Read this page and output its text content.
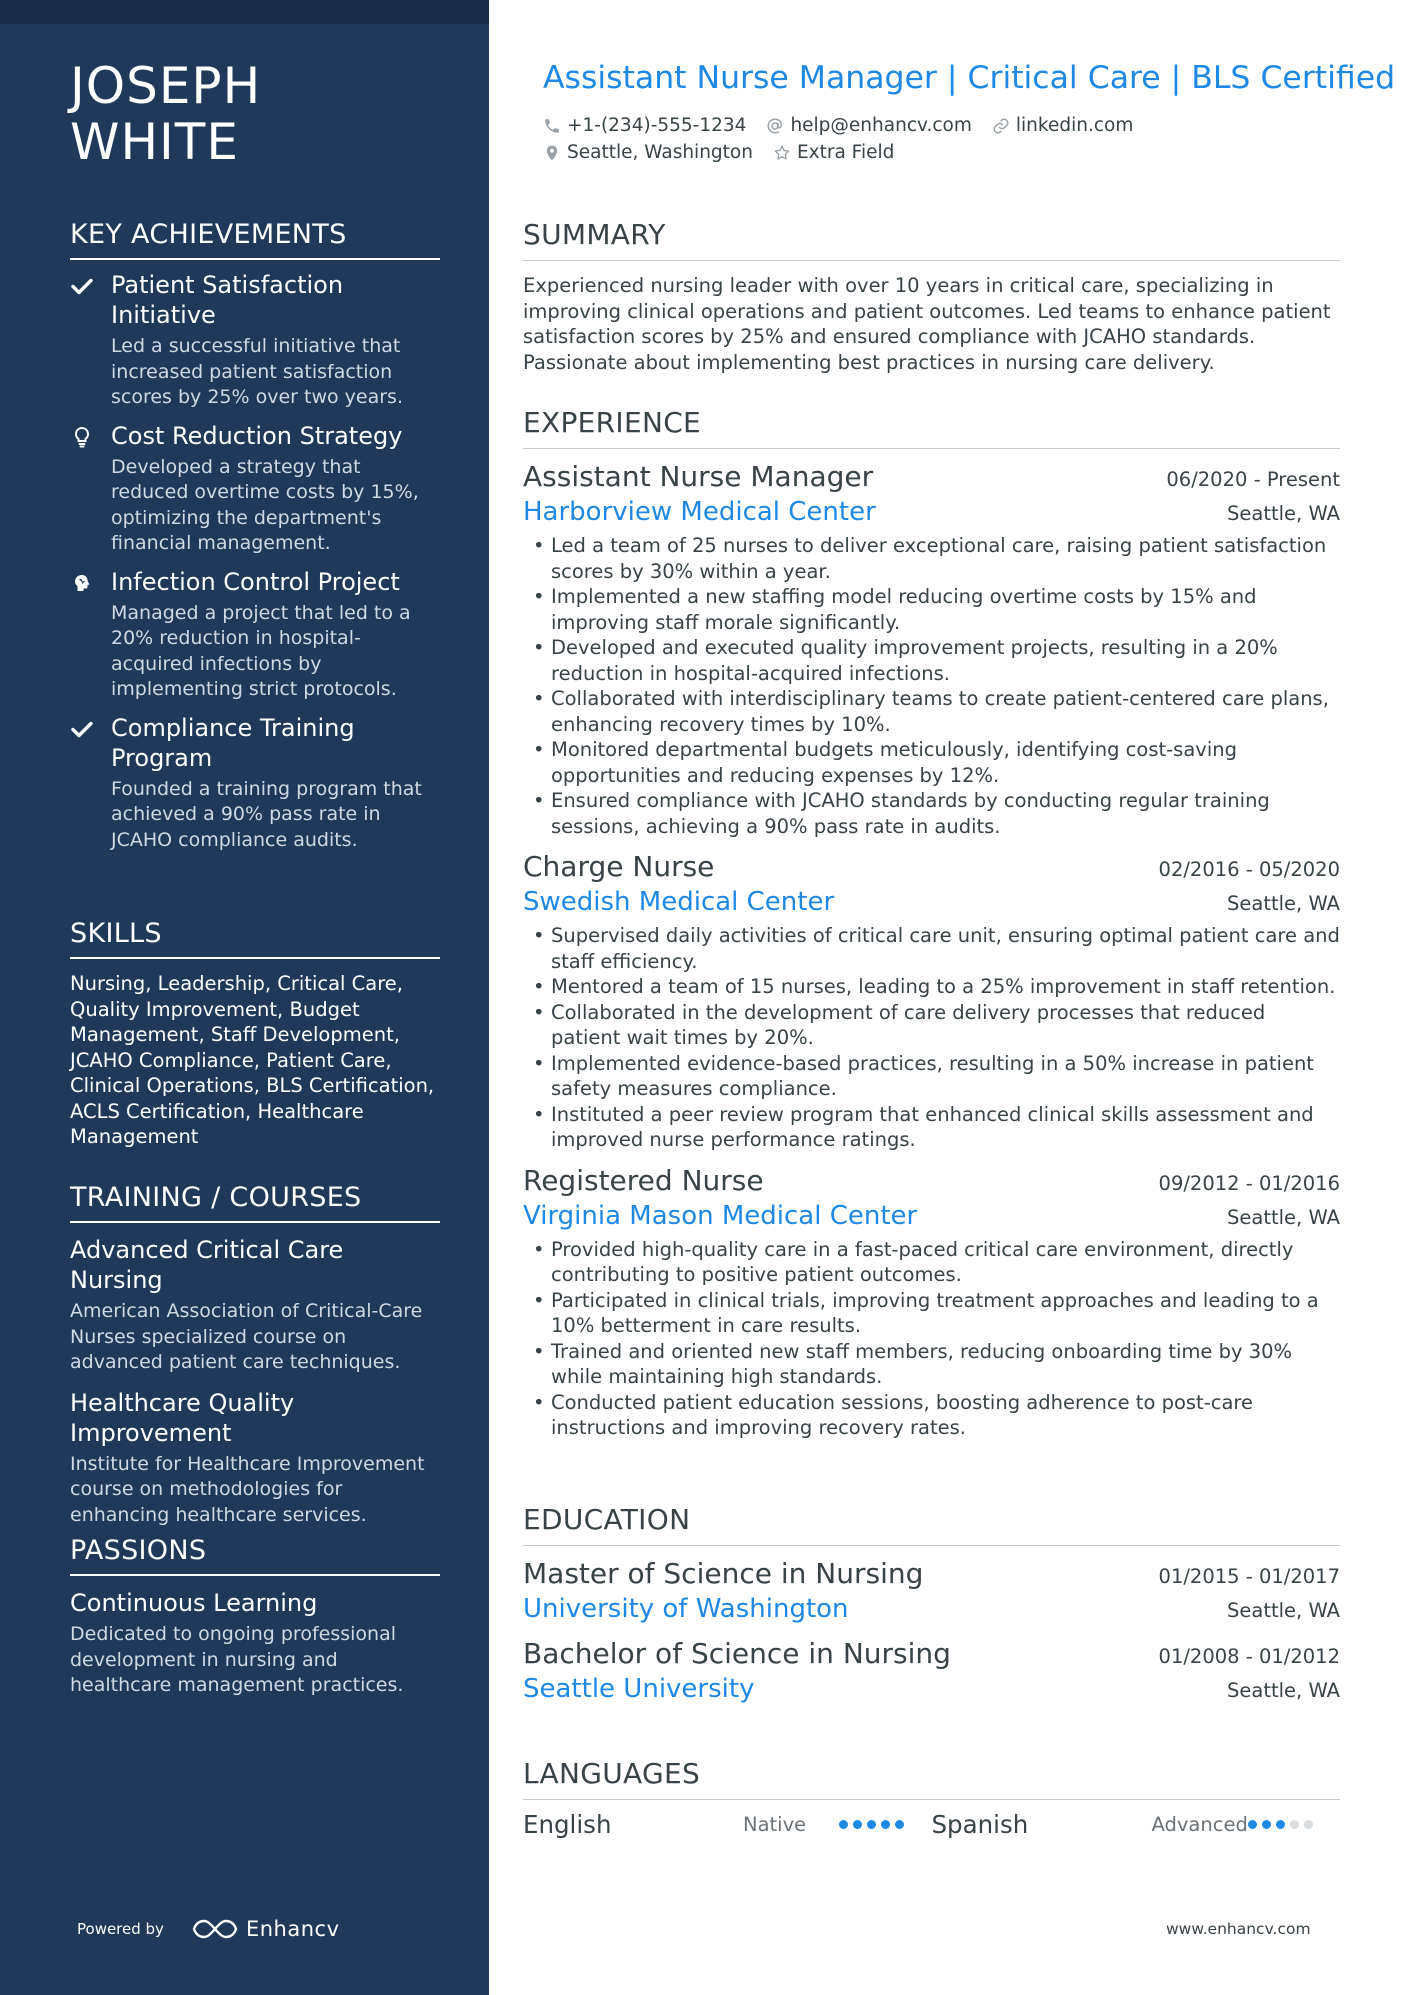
JOSEPH
WHITE
KEY ACHIEVEMENTS
Patient Satisfaction Initiative
Led a successful initiative that increased patient satisfaction scores by 25% over two years.
Cost Reduction Strategy
Developed a strategy that reduced overtime costs by 15%, optimizing the department's financial management.
Infection Control Project
Managed a project that led to a 20% reduction in hospital-acquired infections by implementing strict protocols.
Compliance Training Program
Founded a training program that achieved a 90% pass rate in JCAHO compliance audits.
SKILLS
Nursing, Leadership, Critical Care, Quality Improvement, Budget Management, Staff Development, JCAHO Compliance, Patient Care, Clinical Operations, BLS Certification, ACLS Certification, Healthcare Management
TRAINING / COURSES
Advanced Critical Care Nursing
American Association of Critical-Care Nurses specialized course on advanced patient care techniques.
Healthcare Quality Improvement
Institute for Healthcare Improvement course on methodologies for enhancing healthcare services.
PASSIONS
Continuous Learning
Dedicated to ongoing professional development in nursing and healthcare management practices.
Powered by	Enhancv
Assistant Nurse Manager | Critical Care | BLS Certified
+1-(234)-555-1234 help@enhancv.com linkedin.com
Seattle, Washington Extra Field
SUMMARY

Experienced nursing leader with over 10 years in critical care, specializing in improving clinical operations and patient outcomes. Led teams to enhance patient satisfaction scores by 25% and ensured compliance with JCAHO standards. Passionate about implementing best practices in nursing care delivery.

EXPERIENCE
Assistant Nurse Manager	06/2020 - Present
Harborview Medical Center	Seattle, WA
• Led a team of 25 nurses to deliver exceptional care, raising patient satisfaction scores by 30% within a year.
• Implemented a new staffing model reducing overtime costs by 15% and improving staff morale significantly.
• Developed and executed quality improvement projects, resulting in a 20% reduction in hospital-acquired infections.
• Collaborated with interdisciplinary teams to create patient-centered care plans, enhancing recovery times by 10%.
• Monitored departmental budgets meticulously, identifying cost-saving opportunities and reducing expenses by 12%.
• Ensured compliance with JCAHO standards by conducting regular training sessions, achieving a 90% pass rate in audits.
Charge Nurse	02/2016 - 05/2020
Swedish Medical Center	Seattle, WA
• Supervised daily activities of critical care unit, ensuring optimal patient care and staff efficiency.
• Mentored a team of 15 nurses, leading to a 25% improvement in staff retention.
• Collaborated in the development of care delivery processes that reduced patient wait times by 20%.
• Implemented evidence-based practices, resulting in a 50% increase in patient safety measures compliance.
• Instituted a peer review program that enhanced clinical skills assessment and improved nurse performance ratings.
Registered Nurse	09/2012 - 01/2016
Virginia Mason Medical Center	Seattle, WA
• Provided high-quality care in a fast-paced critical care environment, directly contributing to positive patient outcomes.
• Participated in clinical trials, improving treatment approaches and leading to a 10% betterment in care results.
• Trained and oriented new staff members, reducing onboarding time by 30% while maintaining high standards.
• Conducted patient education sessions, boosting adherence to post-care instructions and improving recovery rates.
EDUCATION
Master of Science in Nursing	01/2015 - 01/2017
University of Washington	Seattle, WA
Bachelor of Science in Nursing	01/2008 - 01/2012
Seattle University	Seattle, WA
LANGUAGES
English	Native	Spanish	Advanced
www.enhancv.com
